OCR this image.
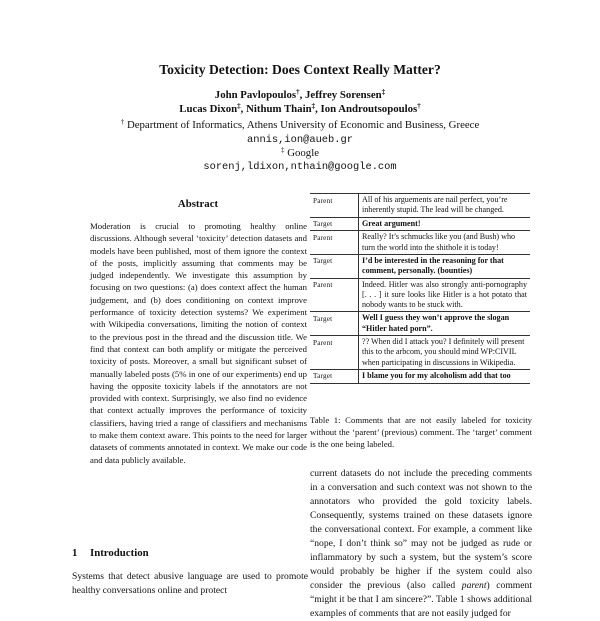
Toxicity Detection: Does Context Really Matter?
John Pavlopoulos†, Jeffrey Sorensen‡
Lucas Dixon‡, Nithum Thain‡, Ion Androutsopoulos†
† Department of Informatics, Athens University of Economic and Business, Greece
annis,ion@aueb.gr
‡ Google
sorenj,ldixon,nthain@google.com
Abstract
Moderation is crucial to promoting healthy online discussions. Although several ‘toxicity’ detection datasets and models have been published, most of them ignore the context of the posts, implicitly assuming that comments may be judged independently. We investigate this assumption by focusing on two questions: (a) does context affect the human judgement, and (b) does conditioning on context improve performance of toxicity detection systems? We experiment with Wikipedia conversations, limiting the notion of context to the previous post in the thread and the discussion title. We find that context can both amplify or mitigate the perceived toxicity of posts. Moreover, a small but significant subset of manually labeled posts (5% in one of our experiments) end up having the opposite toxicity labels if the annotators are not provided with context. Surprisingly, we also find no evidence that context actually improves the performance of toxicity classifiers, having tried a range of classifiers and mechanisms to make them context aware. This points to the need for larger datasets of comments annotated in context. We make our code and data publicly available.
1 Introduction
Systems that detect abusive language are used to promote healthy conversations online and protect
Parent	All of his arguements are nail perfect, you’re inherently stupid. The lead will be changed.
Target	Great argument!
Parent	Really? It’s schmucks like you (and Bush) who turn the world into the shithole it is today!
Target	I’d be interested in the reasoning for that comment, personally. (bounties)
Parent	Indeed. Hitler was also strongly anti-pornography [. . . ] it sure looks like Hitler is a hot potato that nobody wants to be stuck with.
Target	Well I guess they won’t approve the slogan “Hitler hated porn”.
Parent	?? When did I attack you? I definitely will present this to the arbcom, you should mind WP:CIVIL when participating in discussions in Wikipedia.
Target	I blame you for my alcoholism add that too
Table 1: Comments that are not easily labeled for toxicity without the ‘parent’ (previous) comment. The ‘target’ comment is the one being labeled.

current datasets do not include the preceding comments in a conversation and such context was not shown to the annotators who provided the gold toxicity labels. Consequently, systems trained on these datasets ignore the conversational context. For example, a comment like “nope, I don’t think so” may not be judged as rude or inflammatory by such a system, but the system’s score would probably be higher if the system could also consider the previous (also called parent) comment “might it be that I am sincere?”. Table 1 shows additional examples of comments that are not easily judged for
